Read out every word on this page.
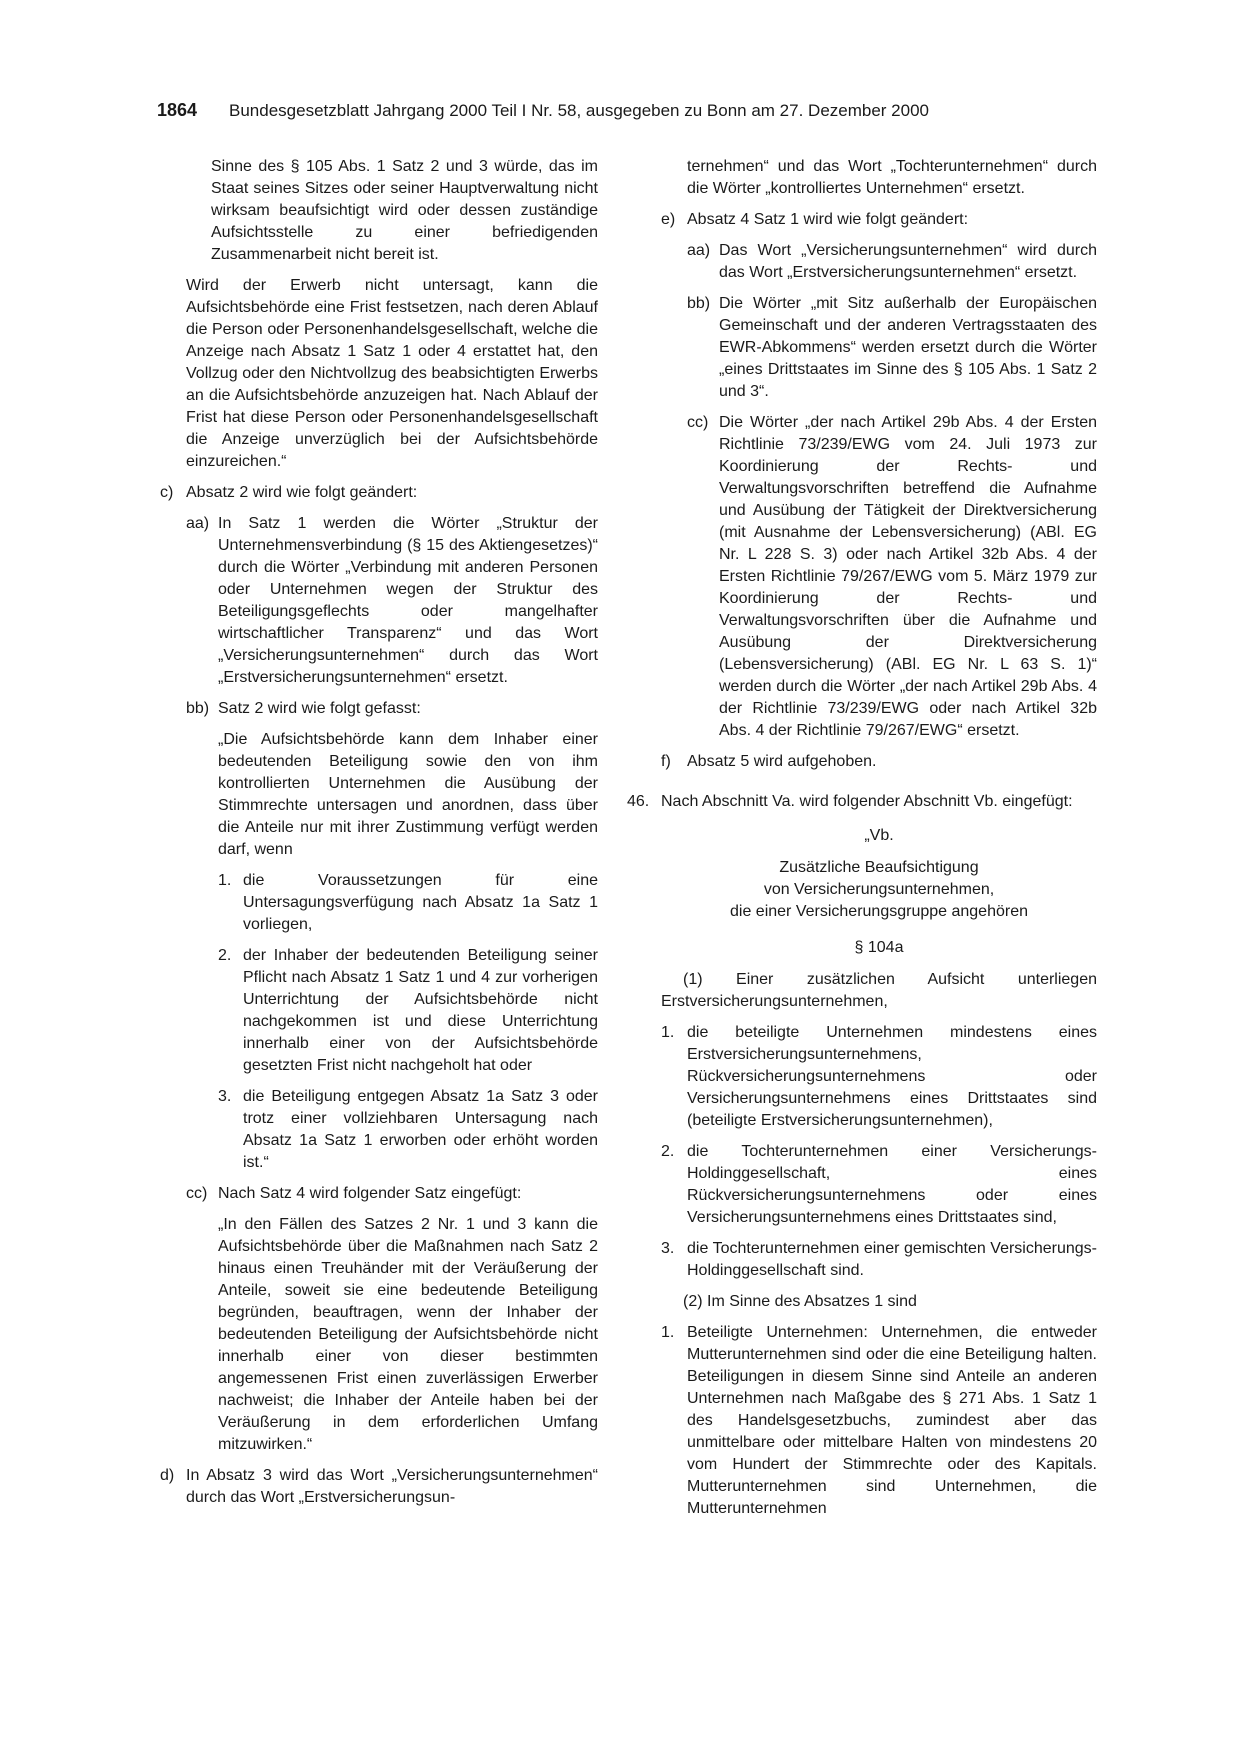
1864 Bundesgesetzblatt Jahrgang 2000 Teil I Nr. 58, ausgegeben zu Bonn am 27. Dezember 2000

Sinne des § 105 Abs. 1 Satz 2 und 3 würde, das im Staat seines Sitzes oder seiner Hauptverwaltung nicht wirksam beaufsichtigt wird oder dessen zuständige Aufsichtsstelle zu einer befriedigenden Zusammenarbeit nicht bereit ist.

Wird der Erwerb nicht untersagt, kann die Aufsichtsbehörde eine Frist festsetzen, nach deren Ablauf die Person oder Personenhandelsgesellschaft, welche die Anzeige nach Absatz 1 Satz 1 oder 4 erstattet hat, den Vollzug oder den Nichtvollzug des beabsichtigten Erwerbs an die Aufsichtsbehörde anzuzeigen hat. Nach Ablauf der Frist hat diese Person oder Personenhandelsgesellschaft die Anzeige unverzüglich bei der Aufsichtsbehörde einzureichen.“

c) Absatz 2 wird wie folgt geändert:
aa) In Satz 1 werden die Wörter „Struktur der Unternehmensverbindung (§ 15 des Aktiengesetzes)“ durch die Wörter „Verbindung mit anderen Personen oder Unternehmen wegen der Struktur des Beteiligungsgeflechts oder mangelhafter wirtschaftlicher Transparenz“ und das Wort „Versicherungsunternehmen“ durch das Wort „Erstversicherungsunternehmen“ ersetzt.
bb) Satz 2 wird wie folgt gefasst:

„Die Aufsichtsbehörde kann dem Inhaber einer bedeutenden Beteiligung sowie den von ihm kontrollierten Unternehmen die Ausübung der Stimmrechte untersagen und anordnen, dass über die Anteile nur mit ihrer Zustimmung verfügt werden darf, wenn

1. die Voraussetzungen für eine Untersagungsverfügung nach Absatz 1a Satz 1 vorliegen,
2. der Inhaber der bedeutenden Beteiligung seiner Pflicht nach Absatz 1 Satz 1 und 4 zur vorherigen Unterrichtung der Aufsichtsbehörde nicht nachgekommen ist und diese Unterrichtung innerhalb einer von der Aufsichtsbehörde gesetzten Frist nicht nachgeholt hat oder
3. die Beteiligung entgegen Absatz 1a Satz 3 oder trotz einer vollziehbaren Untersagung nach Absatz 1a Satz 1 erworben oder erhöht worden ist.“
cc) Nach Satz 4 wird folgender Satz eingefügt:

„In den Fällen des Satzes 2 Nr. 1 und 3 kann die Aufsichtsbehörde über die Maßnahmen nach Satz 2 hinaus einen Treuhänder mit der Veräußerung der Anteile, soweit sie eine bedeutende Beteiligung begründen, beauftragen, wenn der Inhaber der bedeutenden Beteiligung der Aufsichtsbehörde nicht innerhalb einer von dieser bestimmten angemessenen Frist einen zuverlässigen Erwerber nachweist; die Inhaber der Anteile haben bei der Veräußerung in dem erforderlichen Umfang mitzuwirken.“

d) In Absatz 3 wird das Wort „Versicherungsunternehmen“ durch das Wort „Erstversicherungsun-

ternehmen“ und das Wort „Tochterunternehmen“ durch die Wörter „kontrolliertes Unternehmen“ ersetzt.

e) Absatz 4 Satz 1 wird wie folgt geändert:
aa) Das Wort „Versicherungsunternehmen“ wird durch das Wort „Erstversicherungsunternehmen“ ersetzt.
bb) Die Wörter „mit Sitz außerhalb der Europäischen Gemeinschaft und der anderen Vertragsstaaten des EWR-Abkommens“ werden ersetzt durch die Wörter „eines Drittstaates im Sinne des § 105 Abs. 1 Satz 2 und 3“.
cc) Die Wörter „der nach Artikel 29b Abs. 4 der Ersten Richtlinie 73/239/EWG vom 24. Juli 1973 zur Koordinierung der Rechts- und Verwaltungsvorschriften betreffend die Aufnahme und Ausübung der Tätigkeit der Direktversicherung (mit Ausnahme der Lebensversicherung) (ABl. EG Nr. L 228 S. 3) oder nach Artikel 32b Abs. 4 der Ersten Richtlinie 79/267/EWG vom 5. März 1979 zur Koordinierung der Rechts- und Verwaltungsvorschriften über die Aufnahme und Ausübung der Direktversicherung (Lebensversicherung) (ABl. EG Nr. L 63 S. 1)“ werden durch die Wörter „der nach Artikel 29b Abs. 4 der Richtlinie 73/239/EWG oder nach Artikel 32b Abs. 4 der Richtlinie 79/267/EWG“ ersetzt.
f) Absatz 5 wird aufgehoben.
46. Nach Abschnitt Va. wird folgender Abschnitt Vb. eingefügt:
„Vb.
Zusätzliche Beaufsichtigung
von Versicherungsunternehmen,
die einer Versicherungsgruppe angehören
§ 104a

(1) Einer zusätzlichen Aufsicht unterliegen Erstversicherungsunternehmen,

1. die beteiligte Unternehmen mindestens eines Erstversicherungsunternehmens, Rückversicherungsunternehmens oder Versicherungsunternehmens eines Drittstaates sind (beteiligte Erstversicherungsunternehmen),
2. die Tochterunternehmen einer Versicherungs-Holdinggesellschaft, eines Rückversicherungsunternehmens oder eines Versicherungsunternehmens eines Drittstaates sind,
3. die Tochterunternehmen einer gemischten Versicherungs-Holdinggesellschaft sind.

(2) Im Sinne des Absatzes 1 sind

1. Beteiligte Unternehmen: Unternehmen, die entweder Mutterunternehmen sind oder die eine Beteiligung halten. Beteiligungen in diesem Sinne sind Anteile an anderen Unternehmen nach Maßgabe des § 271 Abs. 1 Satz 1 des Handelsgesetzbuchs, zumindest aber das unmittelbare oder mittelbare Halten von mindestens 20 vom Hundert der Stimmrechte oder des Kapitals. Mutterunternehmen sind Unternehmen, die Mutterunternehmen
